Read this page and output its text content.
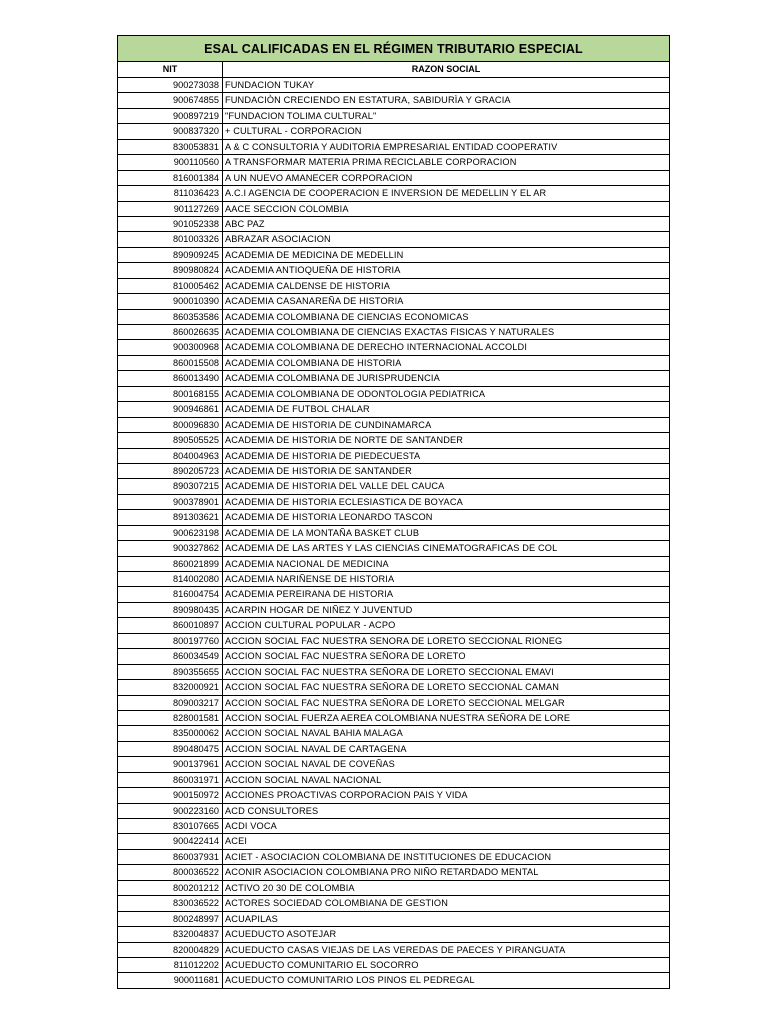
ESAL CALIFICADAS EN EL RÉGIMEN TRIBUTARIO ESPECIAL
NIT	RAZON SOCIAL
900273038 FUNDACION TUKAY
900674855 FUNDACIÒN CRECIENDO EN ESTATURA, SABIDURÌA Y GRACIA
900897219 "FUNDACION TOLIMA CULTURAL"
900837320 + CULTURAL - CORPORACION
830053831 A & C CONSULTORIA Y AUDITORIA EMPRESARIAL ENTIDAD COOPERATIV
900110560 A TRANSFORMAR MATERIA PRIMA RECICLABLE CORPORACION
816001384 A UN NUEVO AMANECER CORPORACION
811036423 A.C.I AGENCIA DE COOPERACION E INVERSION DE MEDELLIN Y EL AR
901127269 AACE SECCION COLOMBIA
901052338 ABC PAZ
801003326 ABRAZAR ASOCIACION
890909245 ACADEMIA DE MEDICINA DE MEDELLIN
890980824 ACADEMIA ANTIOQUEÑA DE HISTORIA
810005462 ACADEMIA CALDENSE DE HISTORIA
900010390 ACADEMIA CASANAREÑA DE HISTORIA
860353586 ACADEMIA COLOMBIANA DE CIENCIAS ECONOMICAS
860026635 ACADEMIA COLOMBIANA DE CIENCIAS EXACTAS FISICAS Y NATURALES
900300968 ACADEMIA COLOMBIANA DE DERECHO INTERNACIONAL ACCOLDI
860015508 ACADEMIA COLOMBIANA DE HISTORIA
860013490 ACADEMIA COLOMBIANA DE JURISPRUDENCIA
800168155 ACADEMIA COLOMBIANA DE ODONTOLOGIA PEDIATRICA
900946861 ACADEMIA DE FUTBOL CHALAR
800096830 ACADEMIA DE HISTORIA DE CUNDINAMARCA
890505525 ACADEMIA DE HISTORIA DE NORTE DE SANTANDER
804004963 ACADEMIA DE HISTORIA DE PIEDECUESTA
890205723 ACADEMIA DE HISTORIA DE SANTANDER
890307215 ACADEMIA DE HISTORIA DEL VALLE DEL CAUCA
900378901 ACADEMIA DE HISTORIA ECLESIASTICA DE BOYACA
891303621 ACADEMIA DE HISTORIA LEONARDO TASCON
900623198 ACADEMIA DE LA MONTAÑA BASKET CLUB
900327862 ACADEMIA DE LAS ARTES Y LAS CIENCIAS CINEMATOGRAFICAS DE COL
860021899 ACADEMIA NACIONAL DE MEDICINA
814002080 ACADEMIA NARIÑENSE DE HISTORIA
816004754 ACADEMIA PEREIRANA DE HISTORIA
890980435 ACARPIN HOGAR DE NIÑEZ Y JUVENTUD
860010897 ACCION CULTURAL POPULAR - ACPO
800197760 ACCION SOCIAL FAC NUESTRA SENORA DE LORETO SECCIONAL RIONEG
860034549 ACCION SOCIAL FAC NUESTRA SEÑORA DE LORETO
890355655 ACCION SOCIAL FAC NUESTRA SEÑORA DE LORETO SECCIONAL EMAVI
832000921 ACCION SOCIAL FAC NUESTRA SEÑORA DE LORETO SECCIONAL CAMAN
809003217 ACCION SOCIAL FAC NUESTRA SEÑORA DE LORETO SECCIONAL MELGAR
828001581 ACCION SOCIAL FUERZA AEREA COLOMBIANA NUESTRA SEÑORA DE LORE
835000062 ACCION SOCIAL NAVAL BAHIA MALAGA
890480475 ACCION SOCIAL NAVAL DE CARTAGENA
900137961 ACCION SOCIAL NAVAL DE COVEÑAS
860031971 ACCION SOCIAL NAVAL NACIONAL
900150972 ACCIONES PROACTIVAS CORPORACION PAIS Y VIDA
900223160 ACD CONSULTORES
830107665 ACDI VOCA
900422414 ACEI
860037931 ACIET - ASOCIACION COLOMBIANA DE INSTITUCIONES DE EDUCACION
800036522 ACONIR ASOCIACION COLOMBIANA PRO NIÑO RETARDADO MENTAL
800201212 ACTIVO 20 30 DE COLOMBIA
830036522 ACTORES SOCIEDAD COLOMBIANA DE GESTION
800248997 ACUAPILAS
832004837 ACUEDUCTO ASOTEJAR
820004829 ACUEDUCTO CASAS VIEJAS DE LAS VEREDAS DE PAECES Y PIRANGUATA
811012202 ACUEDUCTO COMUNITARIO EL SOCORRO
900011681 ACUEDUCTO COMUNITARIO LOS PINOS EL PEDREGAL
